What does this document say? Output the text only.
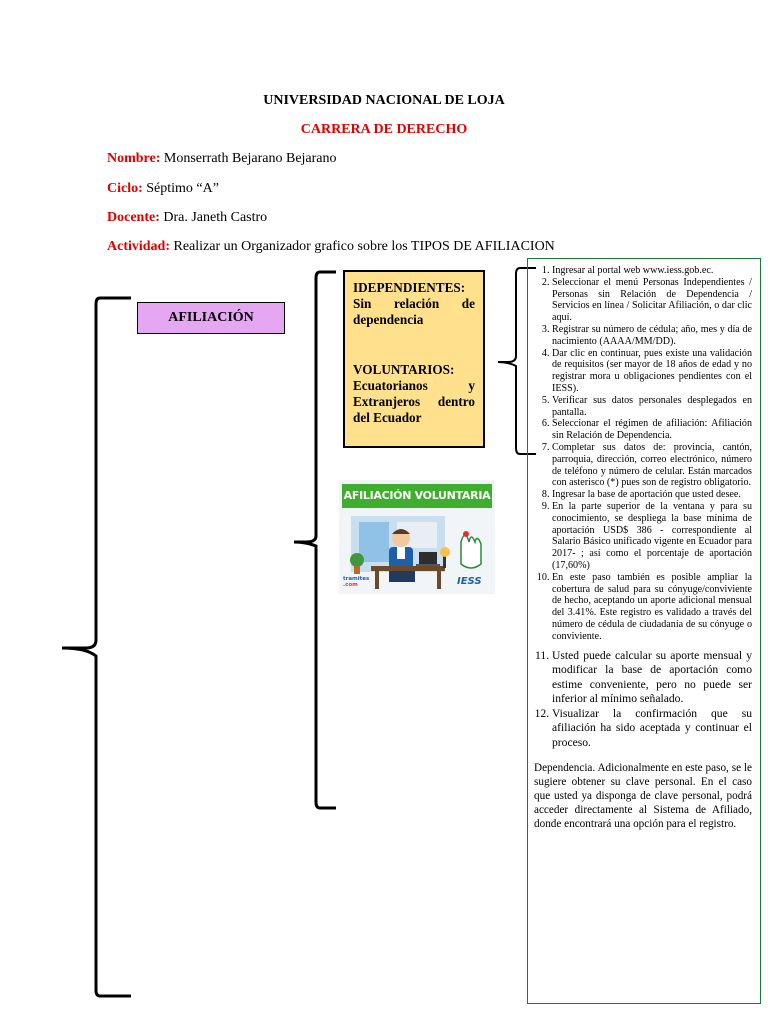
UNIVERSIDAD NACIONAL DE LOJA
CARRERA DE DERECHO
Nombre: Monserrath Bejarano Bejarano
Ciclo: Séptimo “A”
Docente: Dra. Janeth Castro
Actividad: Realizar un Organizador grafico sobre los TIPOS DE AFILIACION
AFILIACIÓN

IDEPENDIENTES: Sin relación de dependencia

VOLUNTARIOS: Ecuatorianos y Extranjeros dentro del Ecuador

AFILIACIÓN VOLUNTARIA
tramites
.com	IESS
1. Ingresar al portal web www.iess.gob.ec.
2. Seleccionar el menú Personas Independientes / Personas sin Relación de Dependencia / Servicios en línea / Solicitar Afiliación, o dar clic aquí.
3. Registrar su número de cédula; año, mes y día de nacimiento (AAAA/MM/DD).
4. Dar clic en continuar, pues existe una validación de requisitos (ser mayor de 18 años de edad y no registrar mora u obligaciones pendientes con el IESS).
5. Verificar sus datos personales desplegados en pantalla.
6. Seleccionar el régimen de afiliación: Afiliación sin Relación de Dependencia.
7. Completar sus datos de: provincia, cantón, parroquia, dirección, correo electrónico, número de teléfono y número de celular. Están marcados con asterisco (*) pues son de registro obligatorio.
8. Ingresar la base de aportación que usted desee.
9. En la parte superior de la ventana y para su conocimiento, se despliega la base mínima de aportación USD$ 386 - correspondiente al Salario Básico unificado vigente en Ecuador para 2017- ; así como el porcentaje de aportación (17,60%)
10. En este paso también es posible ampliar la cobertura de salud para su cónyuge/conviviente de hecho, aceptando un aporte adicional mensual del 3.41%. Este registro es validado a través del número de cédula de ciudadanía de su cónyuge o conviviente.
11. Usted puede calcular su aporte mensual y modificar la base de aportación como estime conveniente, pero no puede ser inferior al mínimo señalado.
12. Visualizar la confirmación que su afiliación ha sido aceptada y continuar el proceso.
Dependencia. Adicionalmente en este paso, se le sugiere obtener su clave personal. En el caso que usted ya disponga de clave personal, podrá acceder directamente al Sistema de Afiliado, donde encontrará una opción para el registro.
